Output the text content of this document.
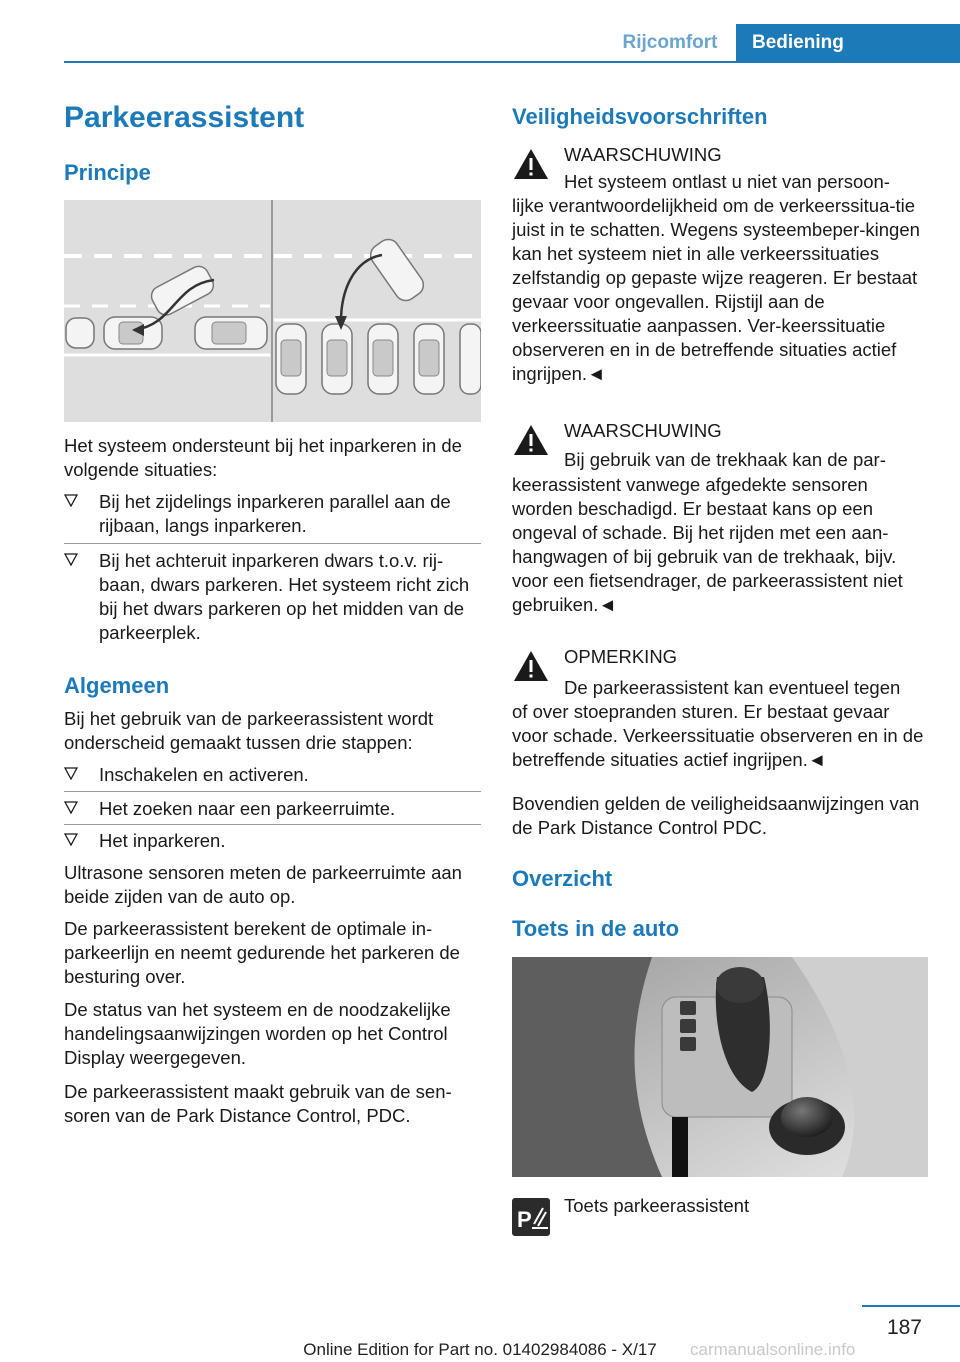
Rijcomfort	Bediening
Parkeerassistent
Principe
Het systeem ondersteunt bij het inparkeren in de volgende situaties:
Bij het zijdelings inparkeren parallel aan de rijbaan, langs inparkeren.
Bij het achteruit inparkeren dwars t.o.v. rij-baan, dwars parkeren. Het systeem richt zich bij het dwars parkeren op het midden van de parkeerplek.
Algemeen
Bij het gebruik van de parkeerassistent wordt onderscheid gemaakt tussen drie stappen:
Inschakelen en activeren.
Het zoeken naar een parkeerruimte.
Het inparkeren.
Ultrasone sensoren meten de parkeerruimte aan beide zijden van de auto op.
De parkeerassistent berekent de optimale in-parkeerlijn en neemt gedurende het parkeren de besturing over.
De status van het systeem en de noodzakelijke handelingsaanwijzingen worden op het Control Display weergegeven.
De parkeerassistent maakt gebruik van de sen-soren van de Park Distance Control, PDC.
Veiligheidsvoorschriften
WAARSCHUWING
Het systeem ontlast u niet van persoon-
lijke verantwoordelijkheid om de verkeerssitua-tie juist in te schatten. Wegens systeembeper-kingen kan het systeem niet in alle verkeerssituaties zelfstandig op gepaste wijze reageren. Er bestaat gevaar voor ongevallen. Rijstijl aan de verkeerssituatie aanpassen. Ver-keerssituatie observeren en in de betreffende situaties actief ingrijpen.◄
WAARSCHUWING
Bij gebruik van de trekhaak kan de par-
keerassistent vanwege afgedekte sensoren worden beschadigd. Er bestaat kans op een ongeval of schade. Bij het rijden met een aan-hangwagen of bij gebruik van de trekhaak, bijv. voor een fietsendrager, de parkeerassistent niet gebruiken.◄
OPMERKING
De parkeerassistent kan eventueel tegen
of over stoepranden sturen. Er bestaat gevaar voor schade. Verkeerssituatie observeren en in de betreffende situaties actief ingrijpen.◄
Bovendien gelden de veiligheidsaanwijzingen van de Park Distance Control PDC.
Overzicht
Toets in de auto
P
Toets parkeerassistent
187
Online Edition for Part no. 01402984086 - X/17 carmanualsonline.info
